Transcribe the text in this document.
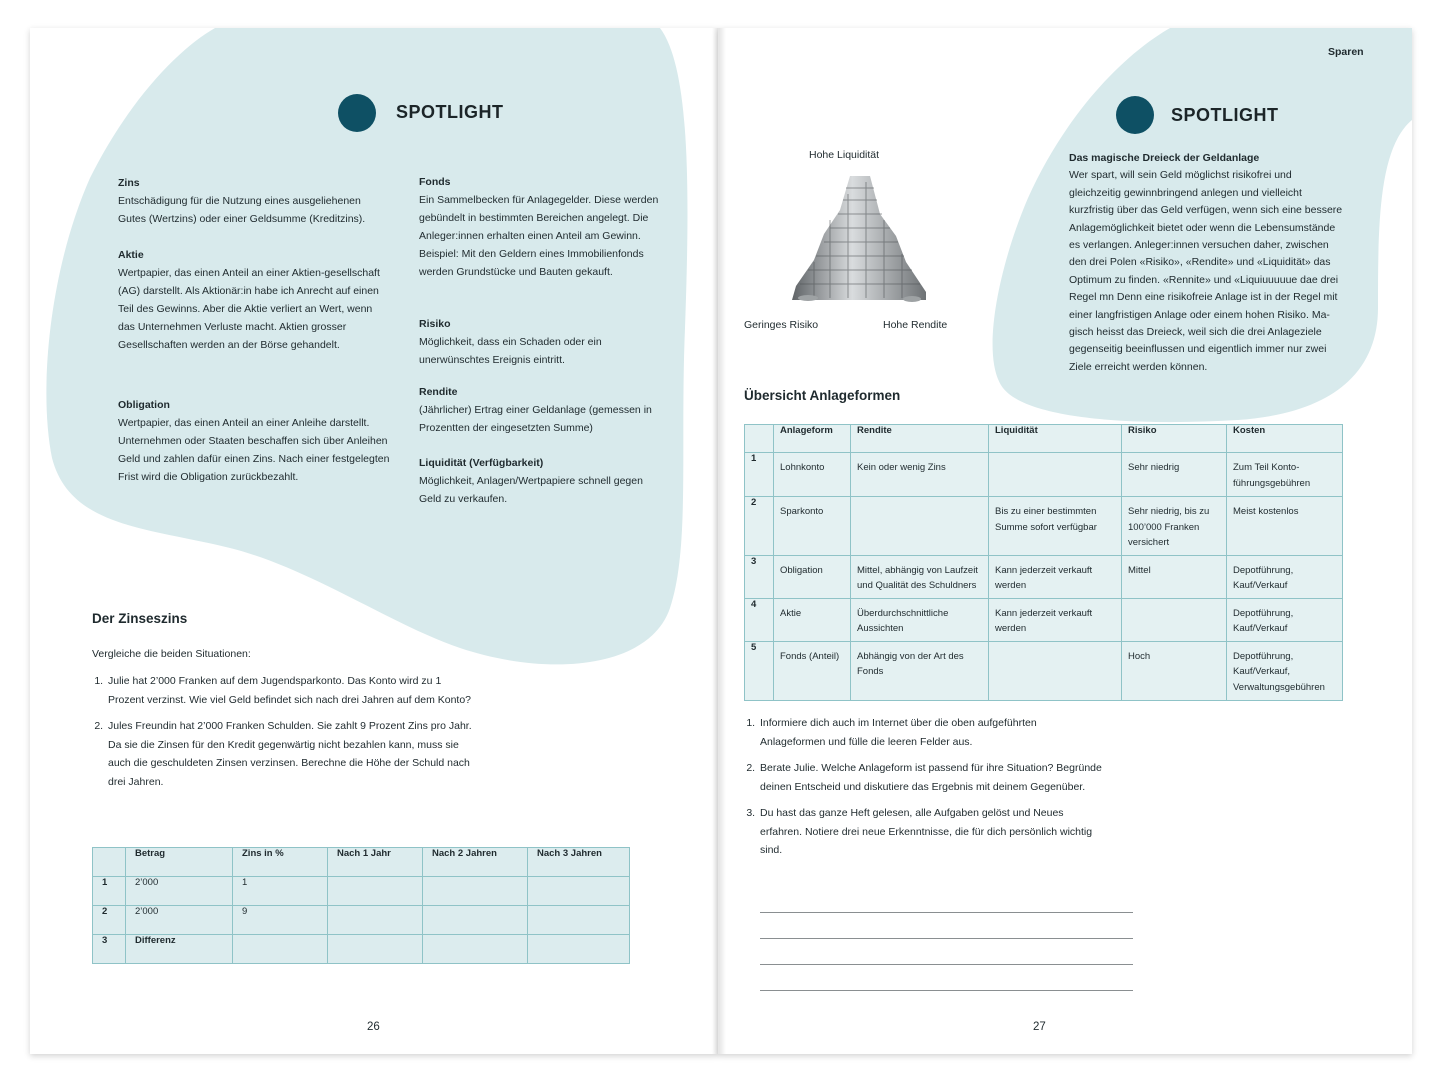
SPOTLIGHT
Zins
Entschädigung für die Nutzung eines ausgeliehenen Gutes (Wertzins) oder einer Geldsumme (Kreditzins).
Aktie
Wertpapier, das einen Anteil an einer Aktien-gesellschaft (AG) darstellt. Als Aktionär:in habe ich Anrecht auf einen Teil des Gewinns. Aber die Aktie verliert an Wert, wenn das Unternehmen Verluste macht. Aktien grosser Gesellschaften werden an der Börse gehandelt.
Obligation
Wertpapier, das einen Anteil an einer Anleihe darstellt. Unternehmen oder Staaten beschaffen sich über Anleihen Geld und zahlen dafür einen Zins. Nach einer festgelegten Frist wird die Obligation zurückbezahlt.
Fonds
Ein Sammelbecken für Anlagegelder. Diese werden gebündelt in bestimmten Bereichen angelegt. Die Anleger:innen erhalten einen Anteil am Gewinn. Beispiel: Mit den Geldern eines Immobilienfonds werden Grundstücke und Bauten gekauft.
Risiko
Möglichkeit, dass ein Schaden oder ein unerwünschtes Ereignis eintritt.
Rendite
(Jährlicher) Ertrag einer Geldanlage (gemessen in Prozentten der eingesetzten Summe)
Liquidität (Verfügbarkeit)
Möglichkeit, Anlagen/Wertpapiere schnell gegen Geld zu verkaufen.
Der Zinseszins
Vergleiche die beiden Situationen:
1. Julie hat 2’000 Franken auf dem Jugendsparkonto. Das Konto wird zu 1 Prozent verzinst. Wie viel Geld befindet sich nach drei Jahren auf dem Konto?
2. Jules Freundin hat 2’000 Franken Schulden. Sie zahlt 9 Prozent Zins pro Jahr. Da sie die Zinsen für den Kredit gegenwärtig nicht bezahlen kann, muss sie auch die geschuldeten Zinsen verzinsen. Berechne die Höhe der Schuld nach drei Jahren.
	Betrag	Zins in %	Nach 1 Jahr	Nach 2 Jahren	Nach 3 Jahren
1	2’000	1			
2	2’000	9			
3	Differenz				
26
Sparen
SPOTLIGHT
Hohe Liquidität
Geringes Risiko	Hohe Rendite
Das magische Dreieck der Geldanlage
Wer spart, will sein Geld möglichst risikofrei und gleichzeitig gewinnbringend anlegen und vielleicht kurzfristig über das Geld verfügen, wenn sich eine bessere Anlagemöglichkeit bietet oder wenn die Lebensumstände es verlangen. Anleger:innen versuchen daher, zwischen den drei Polen «Risiko», «Rendite» und «Liquidität» das Optimum zu finden. «Rennite» und «Liquiuuuuue dae drei Regel mn Denn eine risikofreie Anlage ist in der Regel mit einer langfristigen Anlage oder einem hohen Risiko. Ma-gisch heisst das Dreieck, weil sich die drei Anlageziele gegenseitig beeinflussen und eigentlich immer nur zwei Ziele erreicht werden können.
Übersicht Anlageformen
	Anlageform	Rendite	Liquidität	Risiko	Kosten
1	Lohnkonto	Kein oder wenig Zins		Sehr niedrig	Zum Teil Konto-führungsgebühren
2	Sparkonto		Bis zu einer bestimmten Summe sofort verfügbar	Sehr niedrig, bis zu 100’000 Franken versichert	Meist kostenlos
3	Obligation	Mittel, abhängig von Laufzeit und Qualität des Schuldners	Kann jederzeit verkauft werden	Mittel	Depotführung, Kauf/Verkauf
4	Aktie	Überdurchschnittliche Aussichten	Kann jederzeit verkauft werden		Depotführung, Kauf/Verkauf
5	Fonds (Anteil)	Abhängig von der Art des Fonds		Hoch	Depotführung, Kauf/Verkauf, Verwaltungsgebühren
1. Informiere dich auch im Internet über die oben aufgeführten Anlageformen und fülle die leeren Felder aus.
2. Berate Julie. Welche Anlageform ist passend für ihre Situation? Begründe deinen Entscheid und diskutiere das Ergebnis mit deinem Gegenüber.
3. Du hast das ganze Heft gelesen, alle Aufgaben gelöst und Neues erfahren. Notiere drei neue Erkenntnisse, die für dich persönlich wichtig sind.
27
